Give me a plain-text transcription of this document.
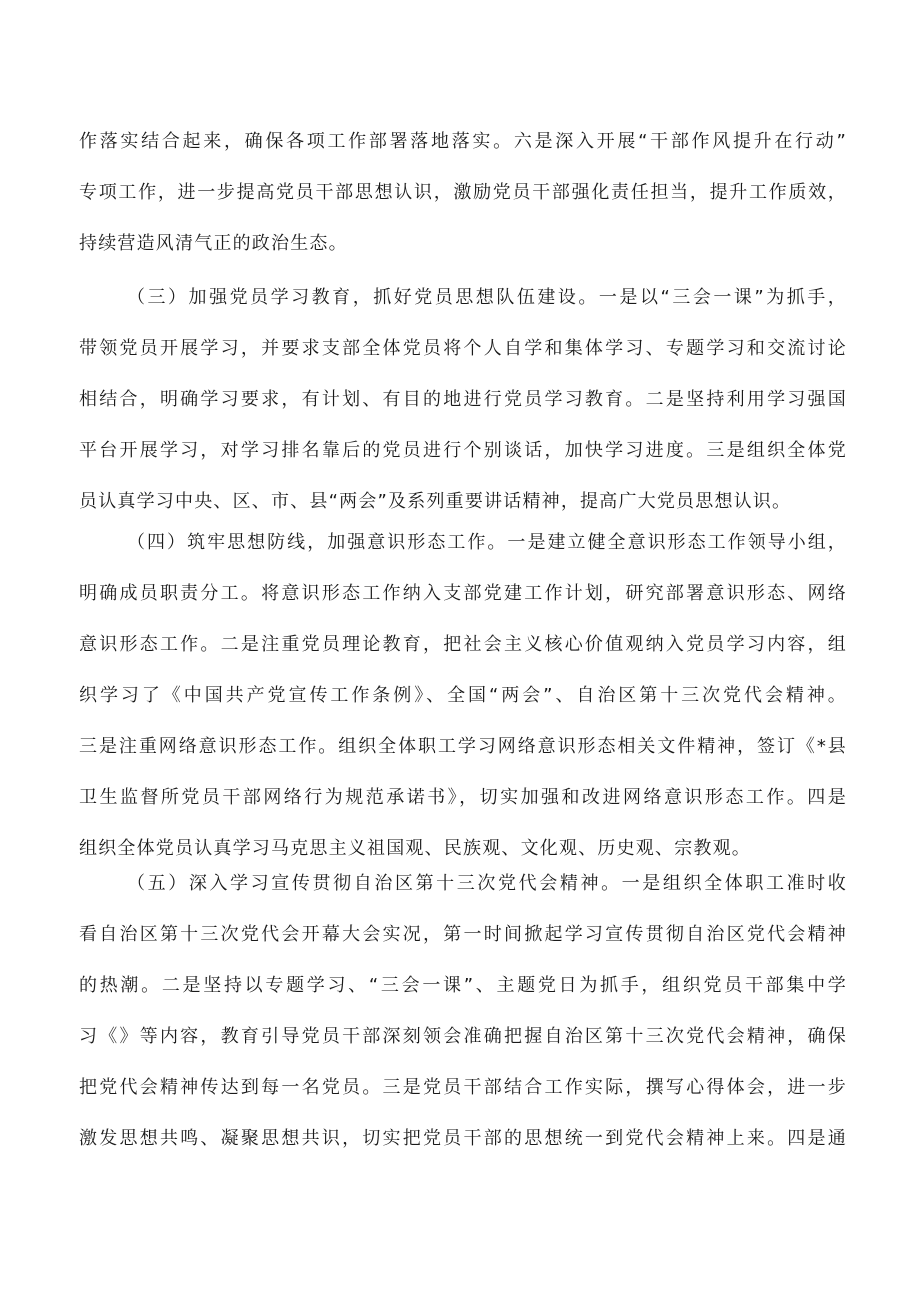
作落实结合起来，确保各项工作部署落地落实。六是深入开展“干部作风提升在行动”
专项工作，进一步提高党员干部思想认识，激励党员干部强化责任担当，提升工作质效，
持续营造风清气正的政治生态。
（三）加强党员学习教育，抓好党员思想队伍建设。一是以“三会一课”为抓手，
带领党员开展学习，并要求支部全体党员将个人自学和集体学习、专题学习和交流讨论
相结合，明确学习要求，有计划、有目的地进行党员学习教育。二是坚持利用学习强国
平台开展学习，对学习排名靠后的党员进行个别谈话，加快学习进度。三是组织全体党
员认真学习中央、区、市、县“两会”及系列重要讲话精神，提高广大党员思想认识。
（四）筑牢思想防线，加强意识形态工作。一是建立健全意识形态工作领导小组，
明确成员职责分工。将意识形态工作纳入支部党建工作计划，研究部署意识形态、网络
意识形态工作。二是注重党员理论教育，把社会主义核心价值观纳入党员学习内容，组
织学习了《中国共产党宣传工作条例》、全国“两会”、自治区第十三次党代会精神。
三是注重网络意识形态工作。组织全体职工学习网络意识形态相关文件精神，签订《*县
卫生监督所党员干部网络行为规范承诺书》，切实加强和改进网络意识形态工作。四是
组织全体党员认真学习马克思主义祖国观、民族观、文化观、历史观、宗教观。
（五）深入学习宣传贯彻自治区第十三次党代会精神。一是组织全体职工准时收
看自治区第十三次党代会开幕大会实况，第一时间掀起学习宣传贯彻自治区党代会精神
的热潮。二是坚持以专题学习、“三会一课”、主题党日为抓手，组织党员干部集中学
习《》等内容，教育引导党员干部深刻领会准确把握自治区第十三次党代会精神，确保
把党代会精神传达到每一名党员。三是党员干部结合工作实际，撰写心得体会，进一步
激发思想共鸣、凝聚思想共识，切实把党员干部的思想统一到党代会精神上来。四是通
